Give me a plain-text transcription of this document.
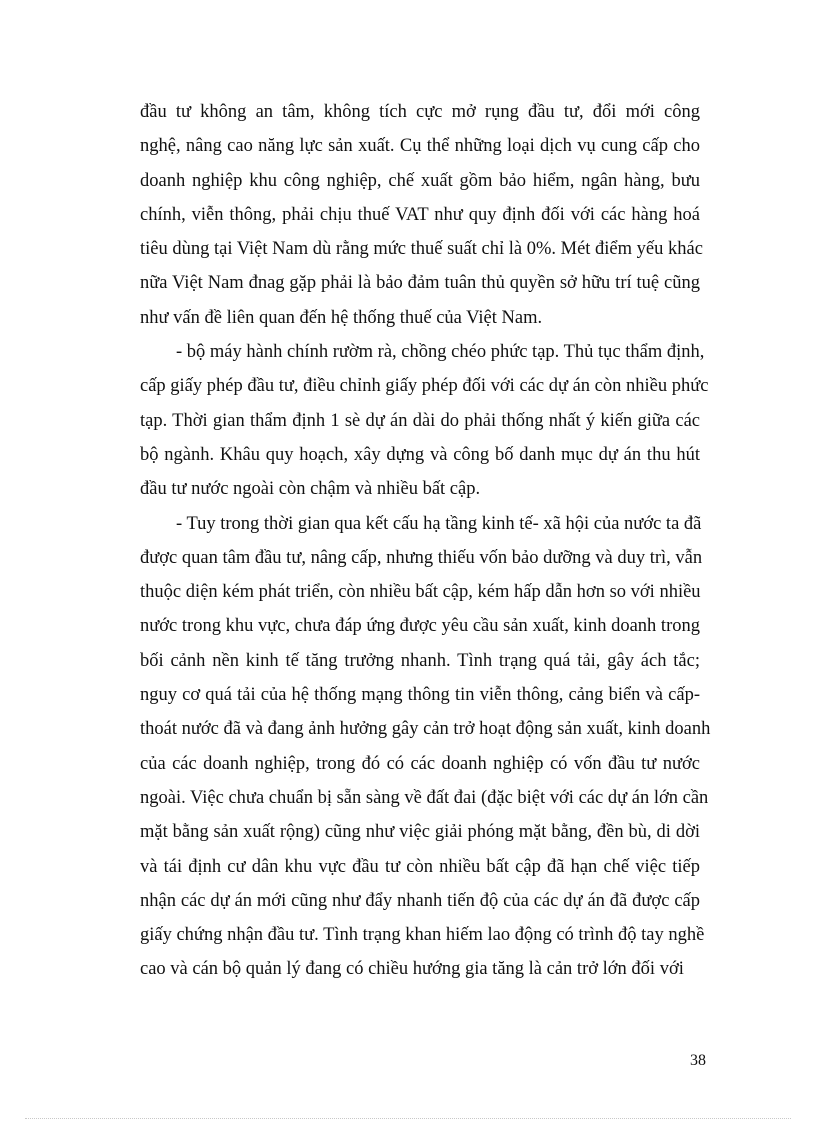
đầu tư không an tâm, không tích cực mở rụng đầu tư, đổi mới công
nghệ, nâng cao năng lực sản xuất. Cụ thể những loại dịch vụ cung cấp cho
doanh nghiệp khu công nghiệp, chế xuất gồm bảo hiểm, ngân hàng, bưu
chính, viễn thông, phải chịu thuế VAT như quy định đối với các hàng hoá
tiêu dùng tại Việt Nam dù rằng mức thuế suất chỉ là 0%. Mét điểm yếu khác
nữa Việt Nam đnag gặp phải là bảo đảm tuân thủ quyền sở hữu trí tuệ cũng
như vấn đề liên quan đến hệ thống thuế của Việt Nam.
- bộ máy hành chính rườm rà, chồng chéo phức tạp. Thủ tục thẩm định,
cấp giấy phép đầu tư, điều chỉnh giấy phép đối với các dự án còn nhiều phức
tạp. Thời gian thẩm định 1 sè dự án dài do phải thống nhất ý kiến giữa các
bộ ngành. Khâu quy hoạch, xây dựng và công bố danh mục dự án thu hút
đầu tư nước ngoài còn chậm và nhiều bất cập.
- Tuy trong thời gian qua kết cấu hạ tầng kinh tế- xã hội của nước ta đã
được quan tâm đầu tư, nâng cấp, nhưng thiếu vốn bảo dưỡng và duy trì, vẫn
thuộc diện kém phát triển, còn nhiều bất cập, kém hấp dẫn hơn so với nhiều
nước trong khu vực, chưa đáp ứng được yêu cầu sản xuất, kinh doanh trong
bối cảnh nền kinh tế tăng trưởng nhanh. Tình trạng quá tải, gây ách tắc;
nguy cơ quá tải của hệ thống mạng thông tin viễn thông, cảng biển và cấp-
thoát nước đã và đang ảnh hưởng gây cản trở hoạt động sản xuất, kinh doanh
của các doanh nghiệp, trong đó có các doanh nghiệp có vốn đầu tư nước
ngoài. Việc chưa chuẩn bị sẵn sàng về đất đai (đặc biệt với các dự án lớn cần
mặt bằng sản xuất rộng) cũng như việc giải phóng mặt bằng, đền bù, di dời
và tái định cư dân khu vực đầu tư còn nhiều bất cập đã hạn chế việc tiếp
nhận các dự án mới cũng như đẩy nhanh tiến độ của các dự án đã được cấp
giấy chứng nhận đầu tư. Tình trạng khan hiếm lao động có trình độ tay nghề
cao và cán bộ quản lý đang có chiều hướng gia tăng là cản trở lớn đối với
38
